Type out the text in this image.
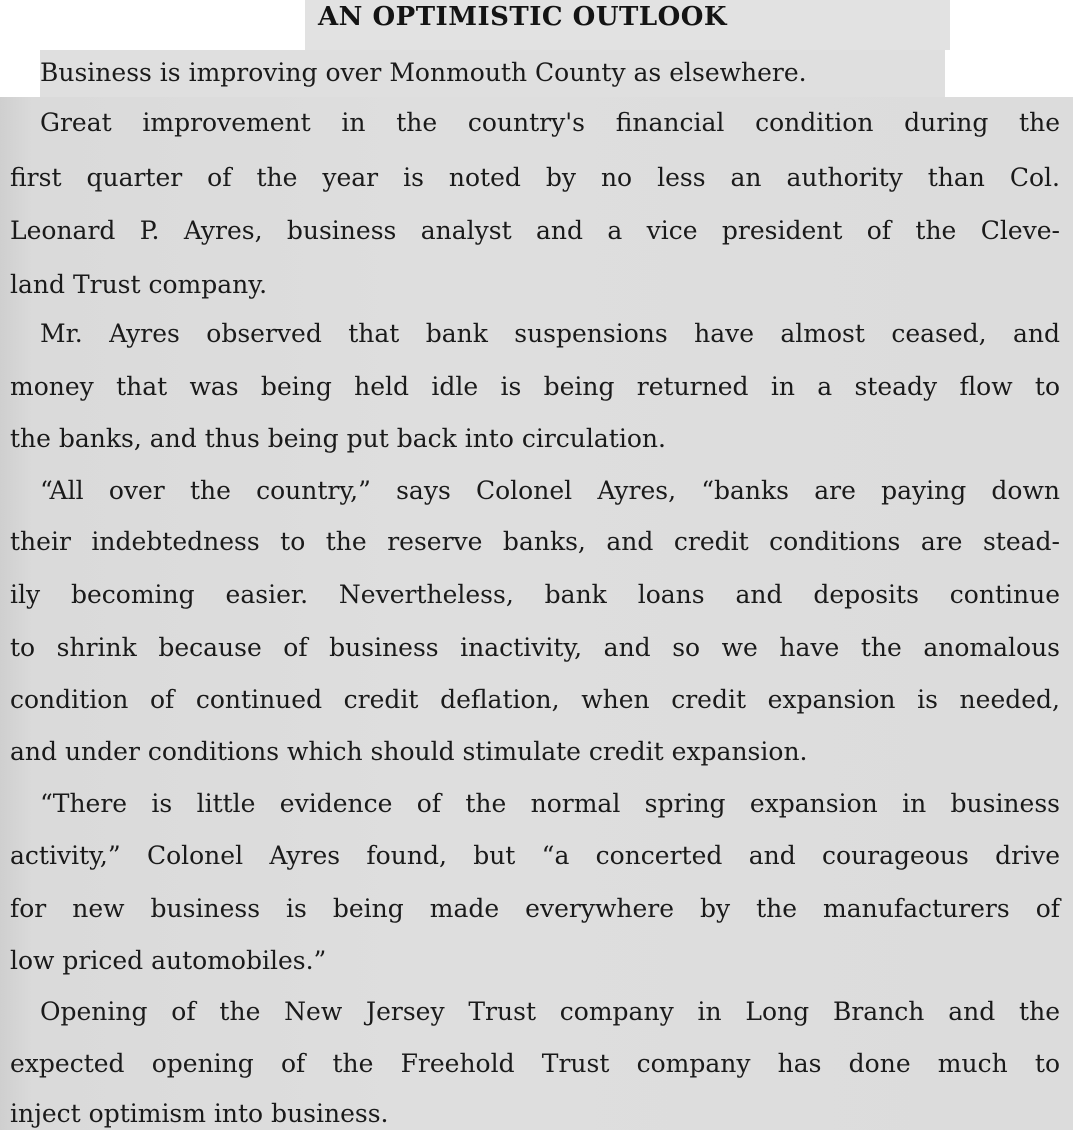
AN OPTIMISTIC OUTLOOK
Business is improving over Monmouth County as elsewhere.
Great improvement in the country's financial condition during the
first quarter of the year is noted by no less an authority than Col.
Leonard P. Ayres, business analyst and a vice president of the Cleve-
land Trust company.
Mr. Ayres observed that bank suspensions have almost ceased, and
money that was being held idle is being returned in a steady flow to
the banks, and thus being put back into circulation.
“All over the country,” says Colonel Ayres, “banks are paying down
their indebtedness to the reserve banks, and credit conditions are stead-
ily becoming easier. Nevertheless, bank loans and deposits continue
to shrink because of business inactivity, and so we have the anomalous
condition of continued credit deflation, when credit expansion is needed,
and under conditions which should stimulate credit expansion.
“There is little evidence of the normal spring expansion in business
activity,” Colonel Ayres found, but “a concerted and courageous drive
for new business is being made everywhere by the manufacturers of
low priced automobiles.”
Opening of the New Jersey Trust company in Long Branch and the
expected opening of the Freehold Trust company has done much to
inject optimism into business.
